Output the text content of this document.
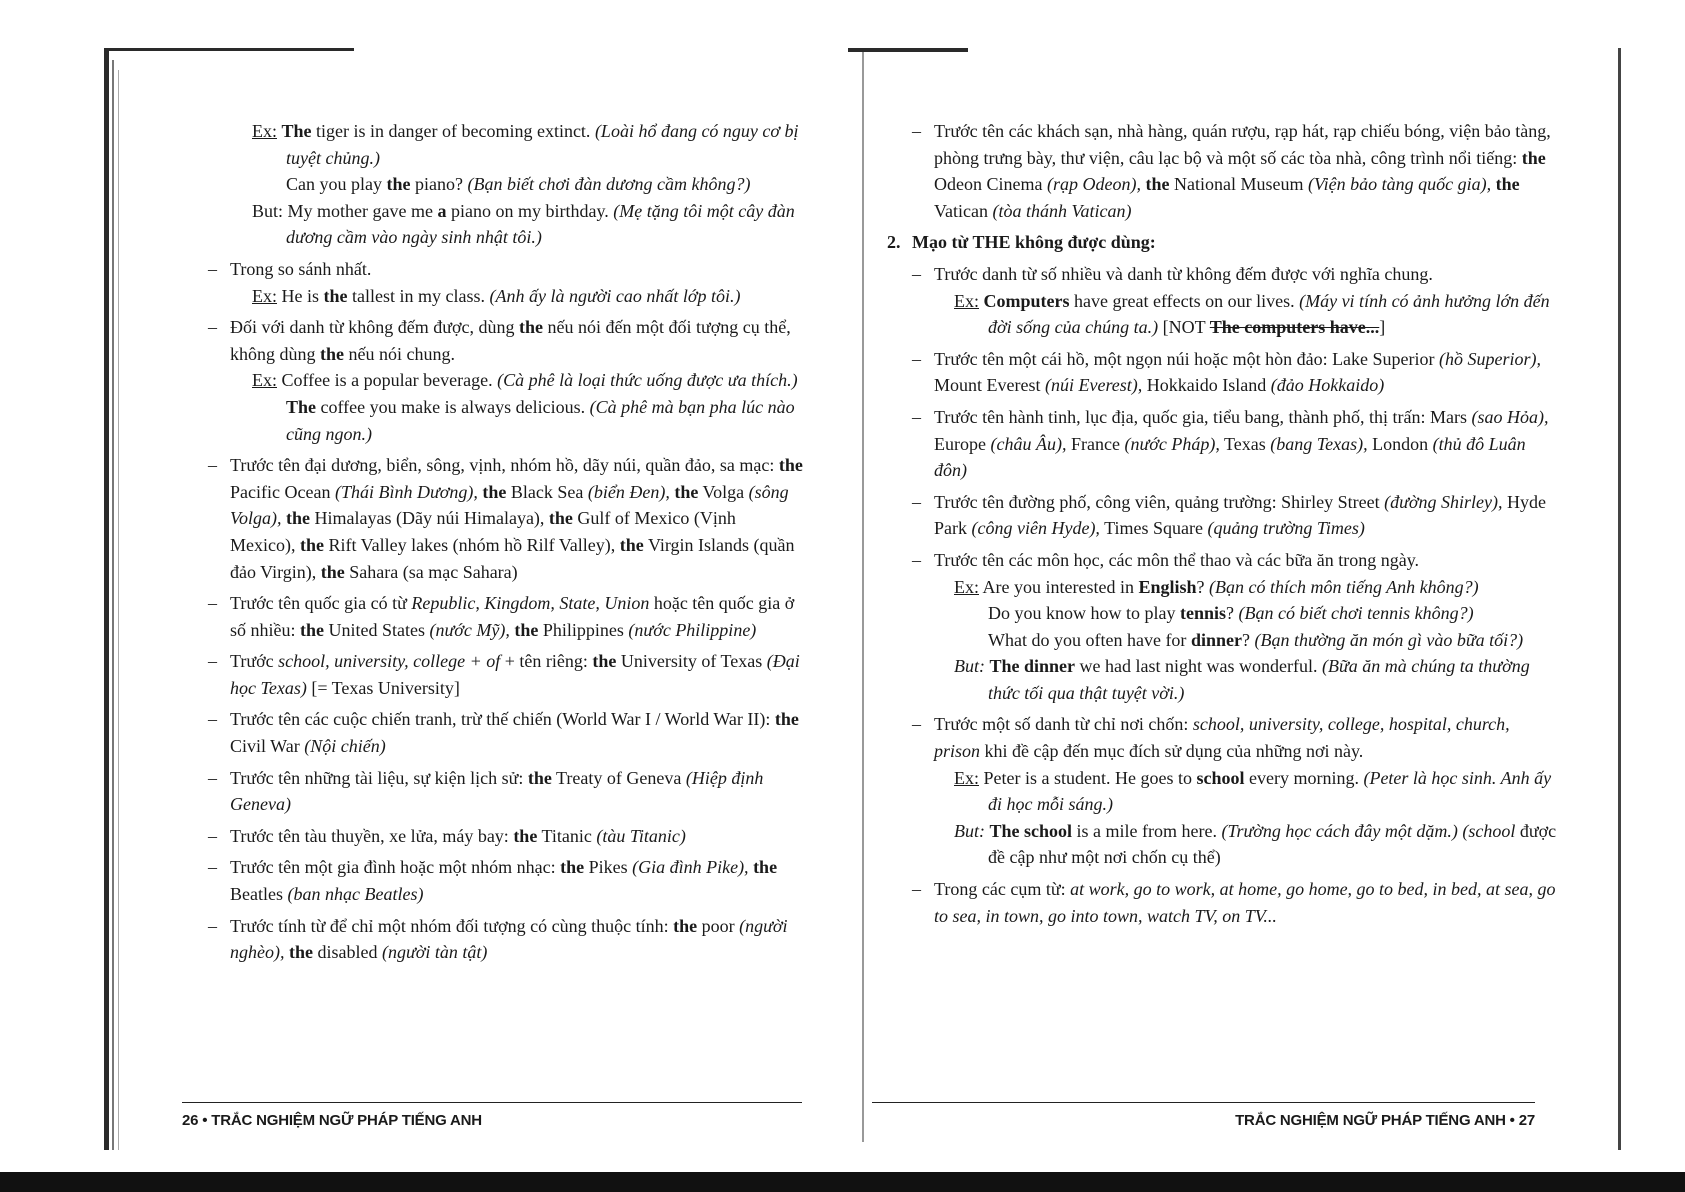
Ex: The tiger is in danger of becoming extinct. (Loài hổ đang có nguy cơ bị tuyệt chủng.)
Can you play the piano? (Bạn biết chơi đàn dương cầm không?)
But: My mother gave me a piano on my birthday. (Mẹ tặng tôi một cây đàn dương cầm vào ngày sinh nhật tôi.)
– Trong so sánh nhất.
Ex: He is the tallest in my class. (Anh ấy là người cao nhất lớp tôi.)
– Đối với danh từ không đếm được, dùng the nếu nói đến một đối tượng cụ thể, không dùng the nếu nói chung.
Ex: Coffee is a popular beverage. (Cà phê là loại thức uống được ưa thích.)
The coffee you make is always delicious. (Cà phê mà bạn pha lúc nào cũng ngon.)
– Trước tên đại dương, biển, sông, vịnh, nhóm hồ, dãy núi, quần đảo, sa mạc: the Pacific Ocean (Thái Bình Dương), the Black Sea (biển Đen), the Volga (sông Volga), the Himalayas (Dãy núi Himalaya), the Gulf of Mexico (Vịnh Mexico), the Rift Valley lakes (nhóm hồ Rilf Valley), the Virgin Islands (quần đảo Virgin), the Sahara (sa mạc Sahara)
– Trước tên quốc gia có từ Republic, Kingdom, State, Union hoặc tên quốc gia ở số nhiều: the United States (nước Mỹ), the Philippines (nước Philippine)
– Trước school, university, college + of + tên riêng: the University of Texas (Đại học Texas) [= Texas University]
– Trước tên các cuộc chiến tranh, trừ thế chiến (World War I / World War II): the Civil War (Nội chiến)
– Trước tên những tài liệu, sự kiện lịch sử: the Treaty of Geneva (Hiệp định Geneva)
– Trước tên tàu thuyền, xe lửa, máy bay: the Titanic (tàu Titanic)
– Trước tên một gia đình hoặc một nhóm nhạc: the Pikes (Gia đình Pike), the Beatles (ban nhạc Beatles)
– Trước tính từ để chỉ một nhóm đối tượng có cùng thuộc tính: the poor (người nghèo), the disabled (người tàn tật)
26 • TRẮC NGHIỆM NGỮ PHÁP TIẾNG ANH
– Trước tên các khách sạn, nhà hàng, quán rượu, rạp hát, rạp chiếu bóng, viện bảo tàng, phòng trưng bày, thư viện, câu lạc bộ và một số các tòa nhà, công trình nổi tiếng: the Odeon Cinema (rạp Odeon), the National Museum (Viện bảo tàng quốc gia), the Vatican (tòa thánh Vatican)
2. Mạo từ THE không được dùng:
– Trước danh từ số nhiều và danh từ không đếm được với nghĩa chung.
Ex: Computers have great effects on our lives. (Máy vi tính có ảnh hưởng lớn đến đời sống của chúng ta.) [NOT The computers have...]
– Trước tên một cái hồ, một ngọn núi hoặc một hòn đảo: Lake Superior (hồ Superior), Mount Everest (núi Everest), Hokkaido Island (đảo Hokkaido)
– Trước tên hành tinh, lục địa, quốc gia, tiểu bang, thành phố, thị trấn: Mars (sao Hỏa), Europe (châu Âu), France (nước Pháp), Texas (bang Texas), London (thủ đô Luân đôn)
– Trước tên đường phố, công viên, quảng trường: Shirley Street (đường Shirley), Hyde Park (công viên Hyde), Times Square (quảng trường Times)
– Trước tên các môn học, các môn thể thao và các bữa ăn trong ngày.
Ex: Are you interested in English? (Bạn có thích môn tiếng Anh không?)
Do you know how to play tennis? (Bạn có biết chơi tennis không?)
What do you often have for dinner? (Bạn thường ăn món gì vào bữa tối?)
But: The dinner we had last night was wonderful. (Bữa ăn mà chúng ta thường thức tối qua thật tuyệt vời.)
– Trước một số danh từ chỉ nơi chốn: school, university, college, hospital, church, prison khi đề cập đến mục đích sử dụng của những nơi này.
Ex: Peter is a student. He goes to school every morning. (Peter là học sinh. Anh ấy đi học mỗi sáng.)
But: The school is a mile from here. (Trường học cách đây một dặm.) (school được đề cập như một nơi chốn cụ thể)
– Trong các cụm từ: at work, go to work, at home, go home, go to bed, in bed, at sea, go to sea, in town, go into town, watch TV, on TV...
TRẮC NGHIỆM NGỮ PHÁP TIẾNG ANH • 27
